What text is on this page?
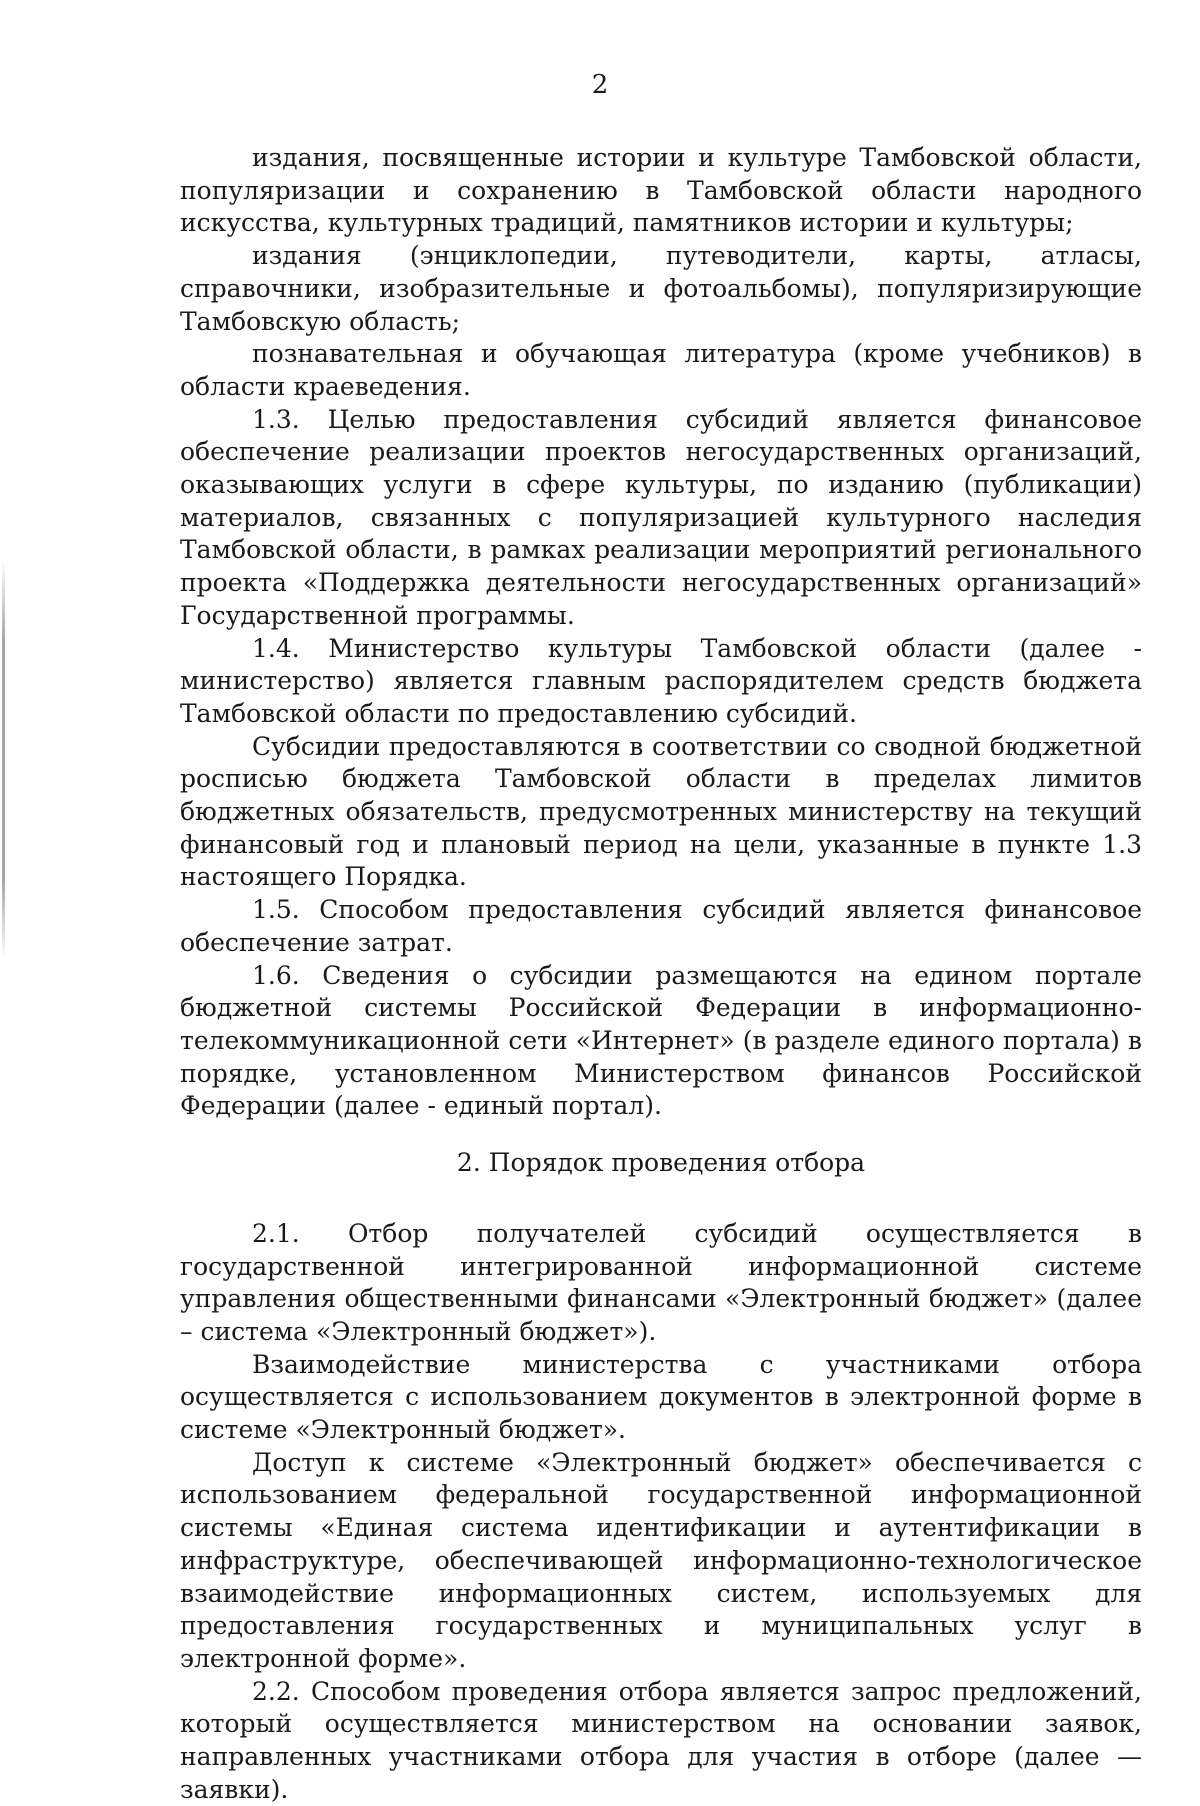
2

издания, посвященные истории и культуре Тамбовской области, популяризации и сохранению в Тамбовской области народного искусства, культурных традиций, памятников истории и культуры;

издания (энциклопедии, путеводители, карты, атласы, справочники, изобразительные и фотоальбомы), популяризирующие Тамбовскую область;

познавательная и обучающая литература (кроме учебников) в области краеведения.

1.3. Целью предоставления субсидий является финансовое обеспечение реализации проектов негосударственных организаций, оказывающих услуги в сфере культуры, по изданию (публикации) материалов, связанных с популяризацией культурного наследия Тамбовской области, в рамках реализации мероприятий регионального проекта «Поддержка деятельности негосударственных организаций» Государственной программы.

1.4. Министерство культуры Тамбовской области (далее - министерство) является главным распорядителем средств бюджета Тамбовской области по предоставлению субсидий.

Субсидии предоставляются в соответствии со сводной бюджетной росписью бюджета Тамбовской области в пределах лимитов бюджетных обязательств, предусмотренных министерству на текущий финансовый год и плановый период на цели, указанные в пункте 1.3 настоящего Порядка.

1.5. Способом предоставления субсидий является финансовое обеспечение затрат.

1.6. Сведения о субсидии размещаются на едином портале бюджетной системы Российской Федерации в информационно-телекоммуникационной сети «Интернет» (в разделе единого портала) в порядке, установленном Министерством финансов Российской Федерации (далее - единый портал).

2. Порядок проведения отбора

2.1. Отбор получателей субсидий осуществляется в государственной интегрированной информационной системе управления общественными финансами «Электронный бюджет» (далее – система «Электронный бюджет»).

Взаимодействие министерства с участниками отбора осуществляется с использованием документов в электронной форме в системе «Электронный бюджет».

Доступ к системе «Электронный бюджет» обеспечивается с использованием федеральной государственной информационной системы «Единая система идентификации и аутентификации в инфраструктуре, обеспечивающей информационно-технологическое взаимодействие информационных систем, используемых для предоставления государственных и муниципальных услуг в электронной форме».

2.2. Способом проведения отбора является запрос предложений, который осуществляется министерством на основании заявок, направленных участниками отбора для участия в отборе (далее — заявки).
